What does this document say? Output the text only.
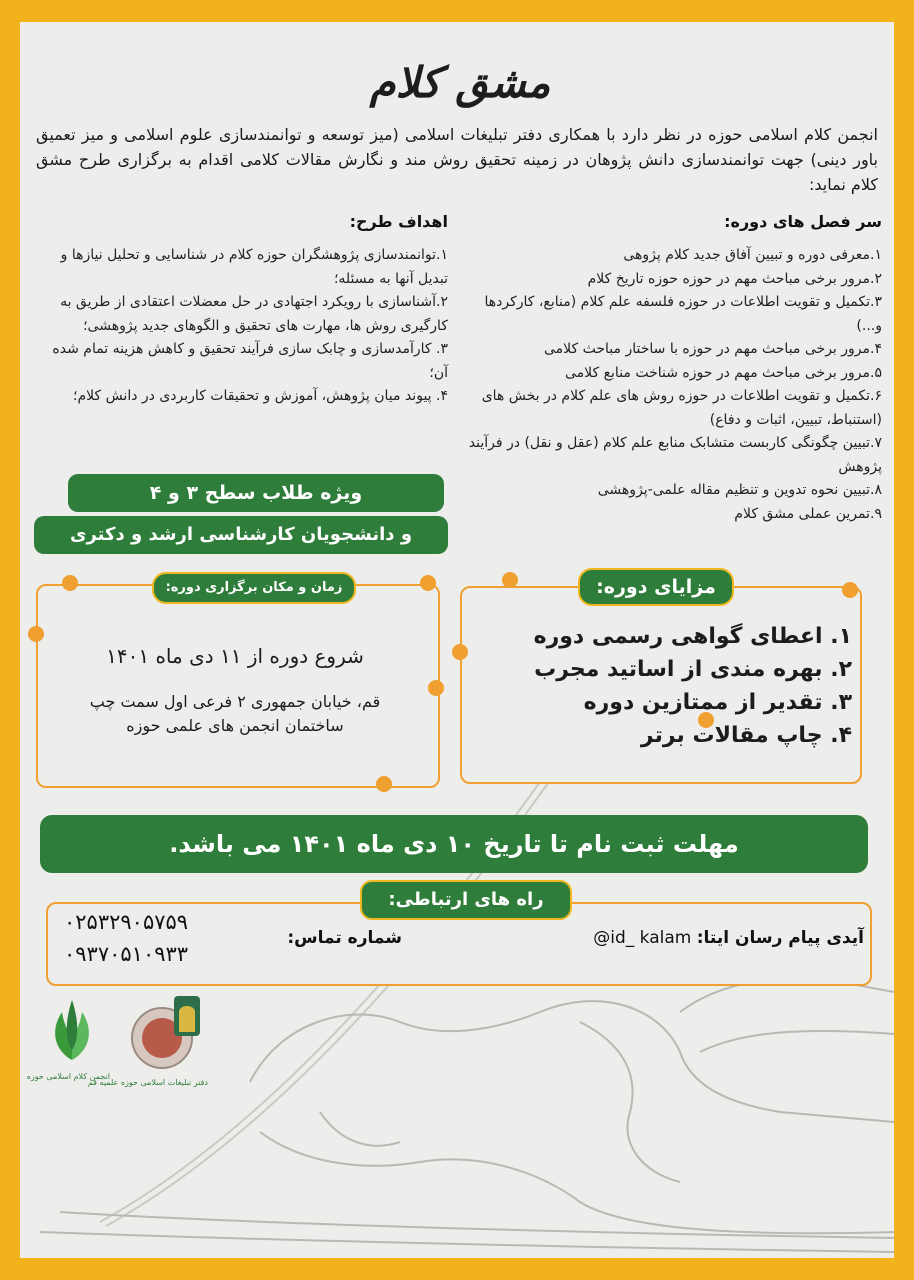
مشق کلام
انجمن کلام اسلامی حوزه در نظر دارد با همکاری دفتر تبلیغات اسلامی (میز توسعه و توانمندسازی علوم اسلامی و میز تعمیق باور دینی) جهت توانمندسازی دانش پژوهان در زمینه تحقیق روش مند و نگارش مقالات کلامی اقدام به برگزاری طرح مشق کلام نماید:
سر فصل های دوره:
۱.معرفی دوره و تبیین آفاق جدید کلام پژوهی
۲.مرور برخی مباحث مهم در حوزه حوزه تاریخ کلام
۳.تکمیل و تقویت اطلاعات در حوزه فلسفه علم کلام (منابع، کارکردها و...)
۴.مرور برخی مباحث مهم در حوزه با ساختار مباحث کلامی
۵.مرور برخی مباحث مهم در حوزه شناخت منابع کلامی
۶.تکمیل و تقویت اطلاعات در حوزه روش های علم کلام در بخش های (استنباط، تبیین، اثبات و دفاع)
۷.تبیین چگونگی کاربست متشابک منابع علم کلام (عقل و نقل) در فرآیند پژوهش
۸.تبیین نحوه تدوین و تنظیم مقاله علمی-پژوهشی
۹.تمرین عملی مشق کلام
اهداف طرح:
۱.توانمندسازی پژوهشگران حوزه کلام در شناسایی و تحلیل نیازها و تبدیل آنها به مسئله؛
۲.آشناسازی با رویکرد اجتهادی در حل معضلات اعتقادی از طریق به کارگیری روش ها، مهارت های تحقیق و الگوهای جدید پژوهشی؛
۳. کارآمدسازی و چابک سازی فرآیند تحقیق و کاهش هزینه تمام شده آن؛
۴. پیوند میان پژوهش، آموزش و تحقیقات کاربردی در دانش کلام؛
ویژه طلاب سطح ۳ و ۴
و دانشجویان کارشناسی ارشد و دکتری
زمان و مکان برگزاری دوره:
شروع دوره از ۱۱ دی ماه ۱۴۰۱
قم، خیابان جمهوری ۲ فرعی اول سمت چپ
ساختمان انجمن های علمی حوزه
مزایای دوره:
۱. اعطای گواهی رسمی دوره
۲. بهره مندی از اساتید مجرب
۳. تقدیر از ممتازین دوره
۴. چاپ مقالات برتر
مهلت ثبت نام تا تاریخ ۱۰ دی ماه ۱۴۰۱ می باشد.
راه های ارتباطی:
آیدی پیام رسان ایتا: @id_ kalam
شماره تماس:
۰۲۵۳۲۹۰۵۷۵۹
۰۹۳۷۰۵۱۰۹۳۳
انجمن کلام اسلامی حوزه
دفتر تبلیغات اسلامی حوزه علمیه قم
